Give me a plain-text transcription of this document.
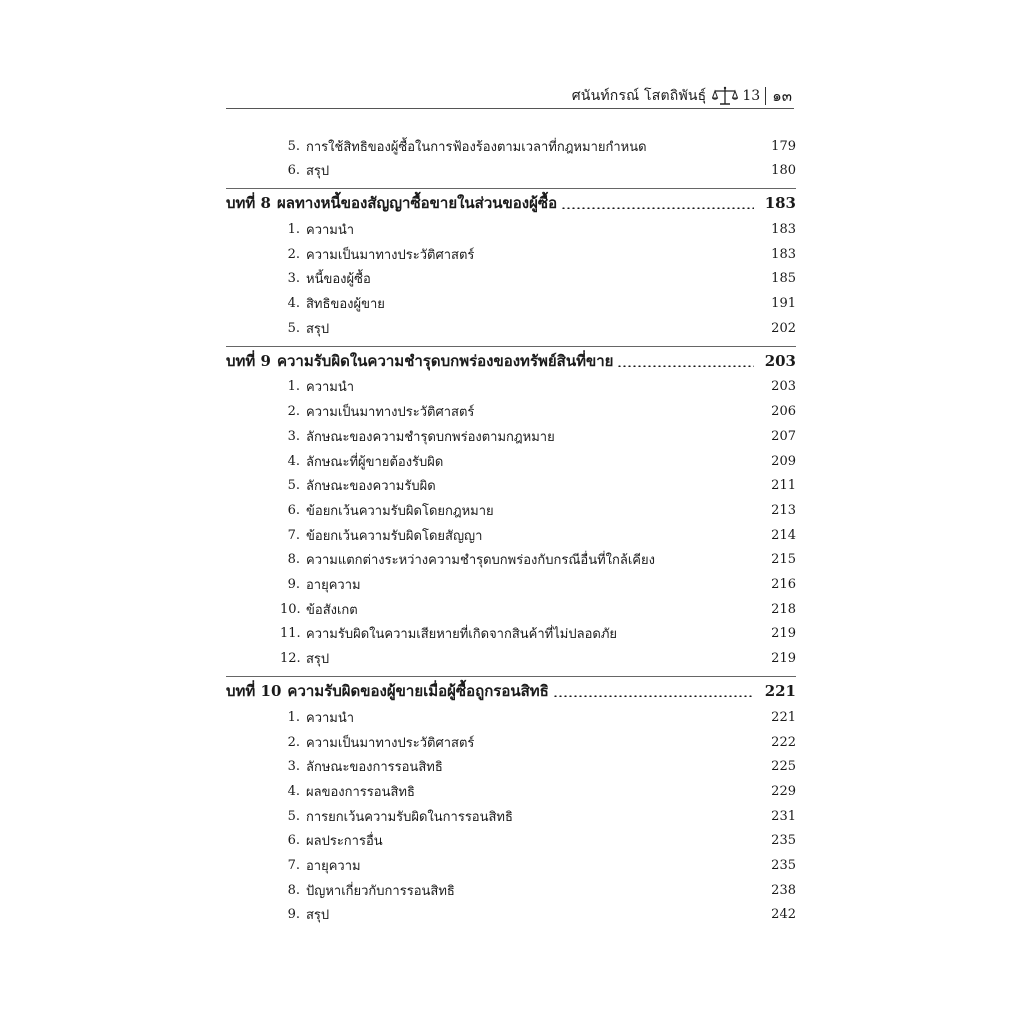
ศนันท์กรณ์ โสตถิพันธุ์	13 ๑๓
5. การใช้สิทธิของผู้ซื้อในการฟ้องร้องตามเวลาที่กฎหมายกำหนด	179
6. สรุป	180
บทที่ 8 ผลทางหนี้ของสัญญาซื้อขายในส่วนของผู้ซื้อ	183
1. ความนำ	183
2. ความเป็นมาทางประวัติศาสตร์	183
3. หนี้ของผู้ซื้อ	185
4. สิทธิของผู้ขาย	191
5. สรุป	202
บทที่ 9 ความรับผิดในความชำรุดบกพร่องของทรัพย์สินที่ขาย	203
1. ความนำ	203
2. ความเป็นมาทางประวัติศาสตร์	206
3. ลักษณะของความชำรุดบกพร่องตามกฎหมาย	207
4. ลักษณะที่ผู้ขายต้องรับผิด	209
5. ลักษณะของความรับผิด	211
6. ข้อยกเว้นความรับผิดโดยกฎหมาย	213
7. ข้อยกเว้นความรับผิดโดยสัญญา	214
8. ความแตกต่างระหว่างความชำรุดบกพร่องกับกรณีอื่นที่ใกล้เคียง	215
9. อายุความ	216
10. ข้อสังเกต	218
11. ความรับผิดในความเสียหายที่เกิดจากสินค้าที่ไม่ปลอดภัย	219
12. สรุป	219
บทที่ 10 ความรับผิดของผู้ขายเมื่อผู้ซื้อถูกรอนสิทธิ	221
1. ความนำ	221
2. ความเป็นมาทางประวัติศาสตร์	222
3. ลักษณะของการรอนสิทธิ	225
4. ผลของการรอนสิทธิ	229
5. การยกเว้นความรับผิดในการรอนสิทธิ	231
6. ผลประการอื่น	235
7. อายุความ	235
8. ปัญหาเกี่ยวกับการรอนสิทธิ	238
9. สรุป	242
